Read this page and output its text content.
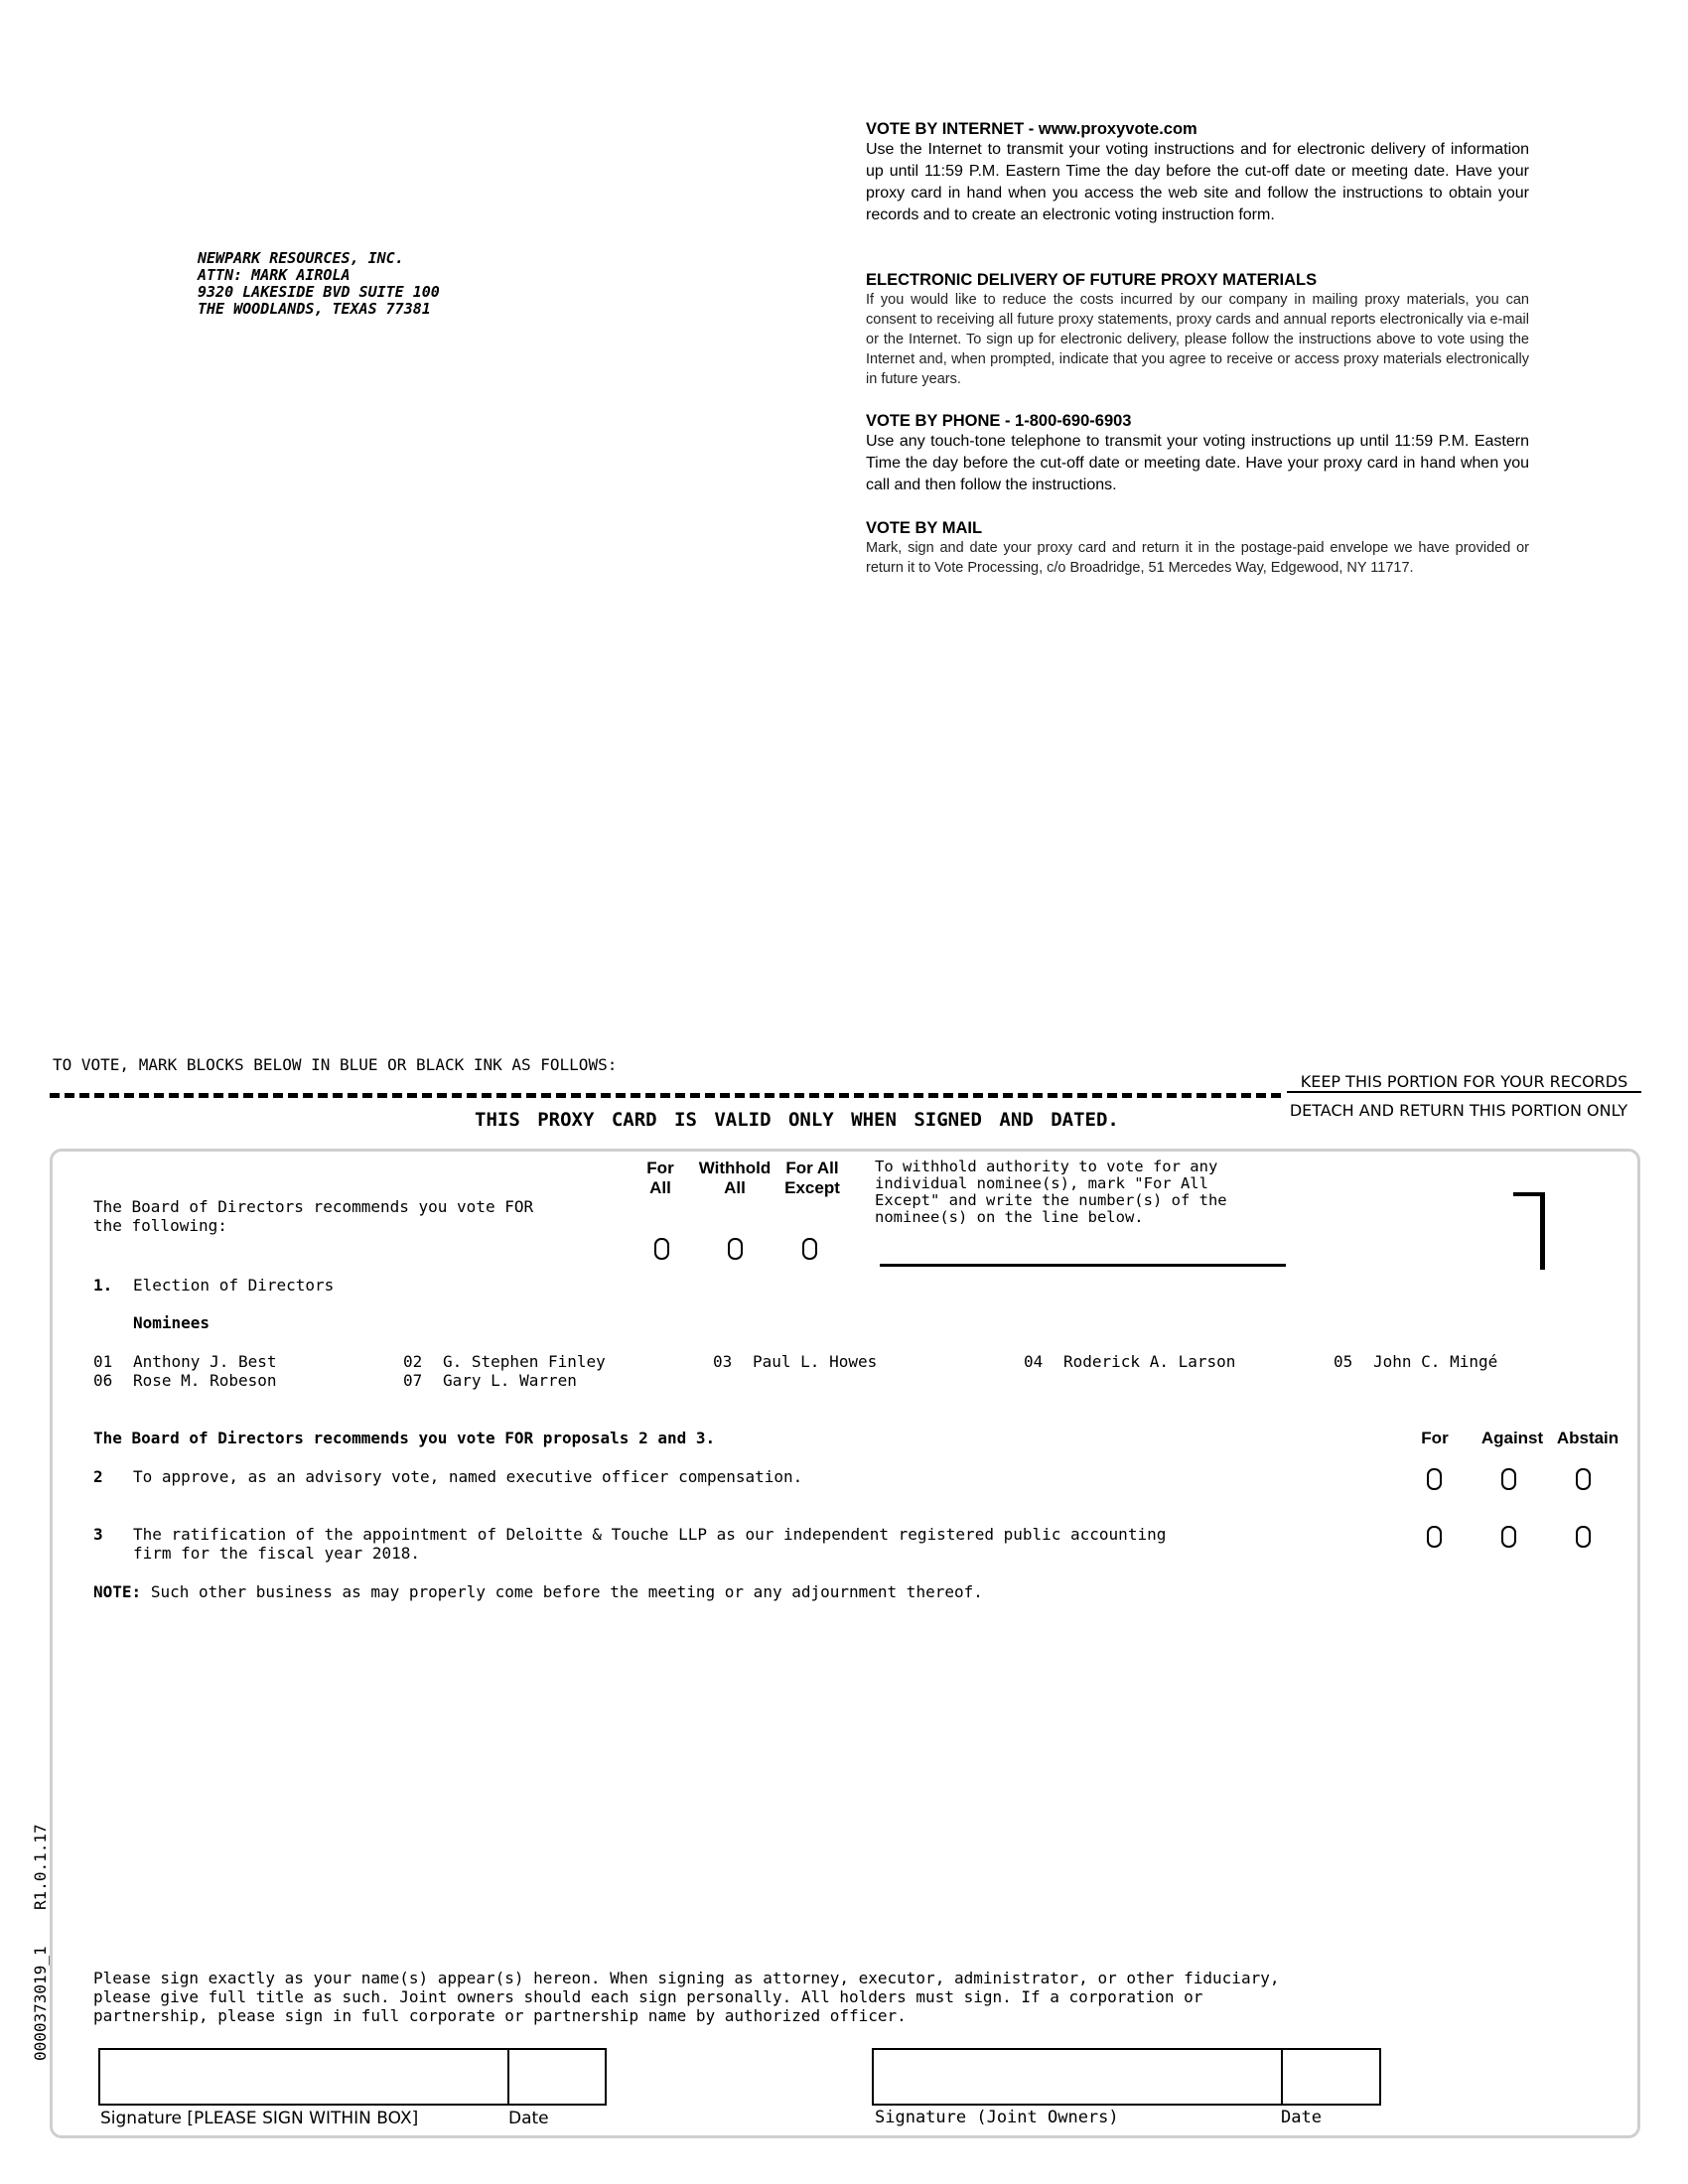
NEWPARK RESOURCES, INC.
ATTN: MARK AIROLA
9320 LAKESIDE BVD SUITE 100
THE WOODLANDS, TEXAS 77381
VOTE BY INTERNET - www.proxyvote.com
Use the Internet to transmit your voting instructions and for electronic delivery of information up until 11:59 P.M. Eastern Time the day before the cut-off date or meeting date. Have your proxy card in hand when you access the web site and follow the instructions to obtain your records and to create an electronic voting instruction form.
ELECTRONIC DELIVERY OF FUTURE PROXY MATERIALS
If you would like to reduce the costs incurred by our company in mailing proxy materials, you can consent to receiving all future proxy statements, proxy cards and annual reports electronically via e-mail or the Internet. To sign up for electronic delivery, please follow the instructions above to vote using the Internet and, when prompted, indicate that you agree to receive or access proxy materials electronically in future years.
VOTE BY PHONE - 1-800-690-6903
Use any touch-tone telephone to transmit your voting instructions up until 11:59 P.M. Eastern Time the day before the cut-off date or meeting date. Have your proxy card in hand when you call and then follow the instructions.
VOTE BY MAIL
Mark, sign and date your proxy card and return it in the postage-paid envelope we have provided or return it to Vote Processing, c/o Broadridge, 51 Mercedes Way, Edgewood, NY 11717.
TO VOTE, MARK BLOCKS BELOW IN BLUE OR BLACK INK AS FOLLOWS:
KEEP THIS PORTION FOR YOUR RECORDS
DETACH AND RETURN THIS PORTION ONLY
THIS PROXY CARD IS VALID ONLY WHEN SIGNED AND DATED.
For
All
Withhold
All
For All
Except
To withhold authority to vote for any
individual nominee(s), mark "For All
Except" and write the number(s) of the
nominee(s) on the line below.
The Board of Directors recommends you vote FOR
the following:
1. Election of Directors
Nominees
01 Anthony J. Best	02 G. Stephen Finley	03 Paul L. Howes	04 Roderick A. Larson	05 John C. Mingé
06 Rose M. Robeson	07 Gary L. Warren
The Board of Directors recommends you vote FOR proposals 2 and 3.	For	Against Abstain
2 To approve, as an advisory vote, named executive officer compensation.
3 The ratification of the appointment of Deloitte & Touche LLP as our independent registered public accounting
firm for the fiscal year 2018.
NOTE: Such other business as may properly come before the meeting or any adjournment thereof.
Please sign exactly as your name(s) appear(s) hereon. When signing as attorney, executor, administrator, or other fiduciary,
please give full title as such. Joint owners should each sign personally. All holders must sign. If a corporation or
partnership, please sign in full corporate or partnership name by authorized officer.
Signature [PLEASE SIGN WITHIN BOX]	Date	Signature (Joint Owners)	Date
0000373019_1
R1.0.1.17
